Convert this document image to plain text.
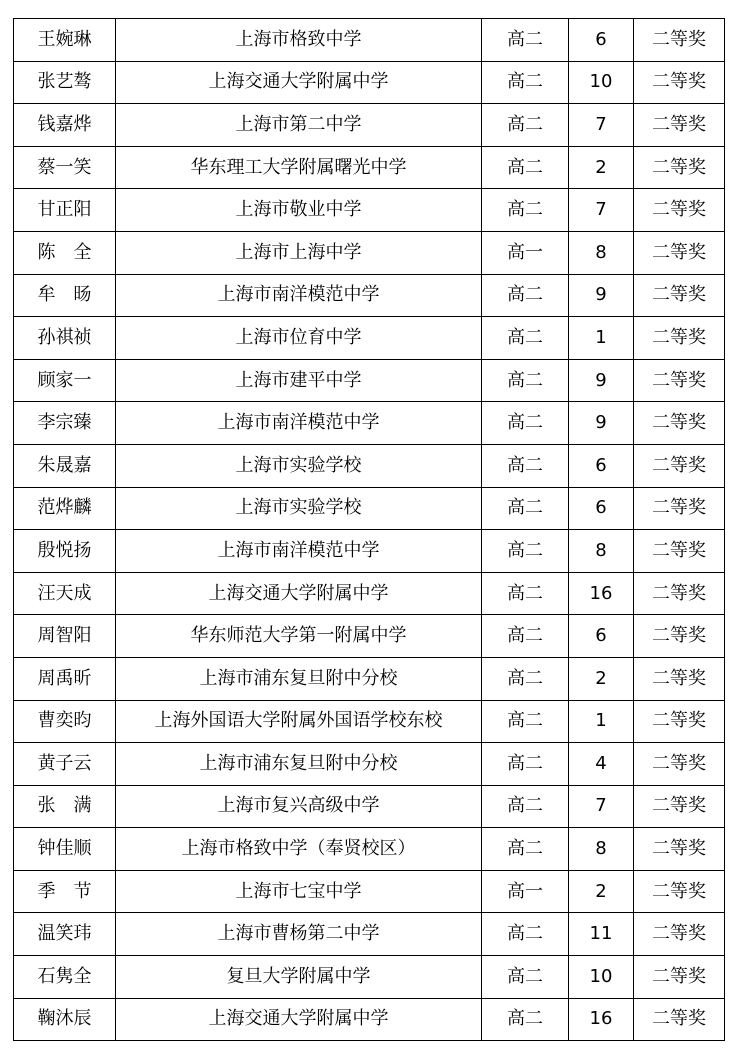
王婉琳	上海市格致中学	高二	6	二等奖
张艺骜	上海交通大学附属中学	高二	10	二等奖
钱嘉烨	上海市第二中学	高二	7	二等奖
蔡一笑	华东理工大学附属曙光中学	高二	2	二等奖
甘正阳	上海市敬业中学	高二	7	二等奖
陈　全	上海市上海中学	高一	8	二等奖
牟　旸	上海市南洋模范中学	高二	9	二等奖
孙祺祯	上海市位育中学	高二	1	二等奖
顾家一	上海市建平中学	高二	9	二等奖
李宗臻	上海市南洋模范中学	高二	9	二等奖
朱晟嘉	上海市实验学校	高二	6	二等奖
范烨麟	上海市实验学校	高二	6	二等奖
殷悦扬	上海市南洋模范中学	高二	8	二等奖
汪天成	上海交通大学附属中学	高二	16	二等奖
周智阳	华东师范大学第一附属中学	高二	6	二等奖
周禹昕	上海市浦东复旦附中分校	高二	2	二等奖
曹奕昀	上海外国语大学附属外国语学校东校	高二	1	二等奖
黄子云	上海市浦东复旦附中分校	高二	4	二等奖
张　满	上海市复兴高级中学	高二	7	二等奖
钟佳顺	上海市格致中学（奉贤校区）	高二	8	二等奖
季　节	上海市七宝中学	高一	2	二等奖
温笑玮	上海市曹杨第二中学	高二	11	二等奖
石隽全	复旦大学附属中学	高二	10	二等奖
鞠沐辰	上海交通大学附属中学	高二	16	二等奖
